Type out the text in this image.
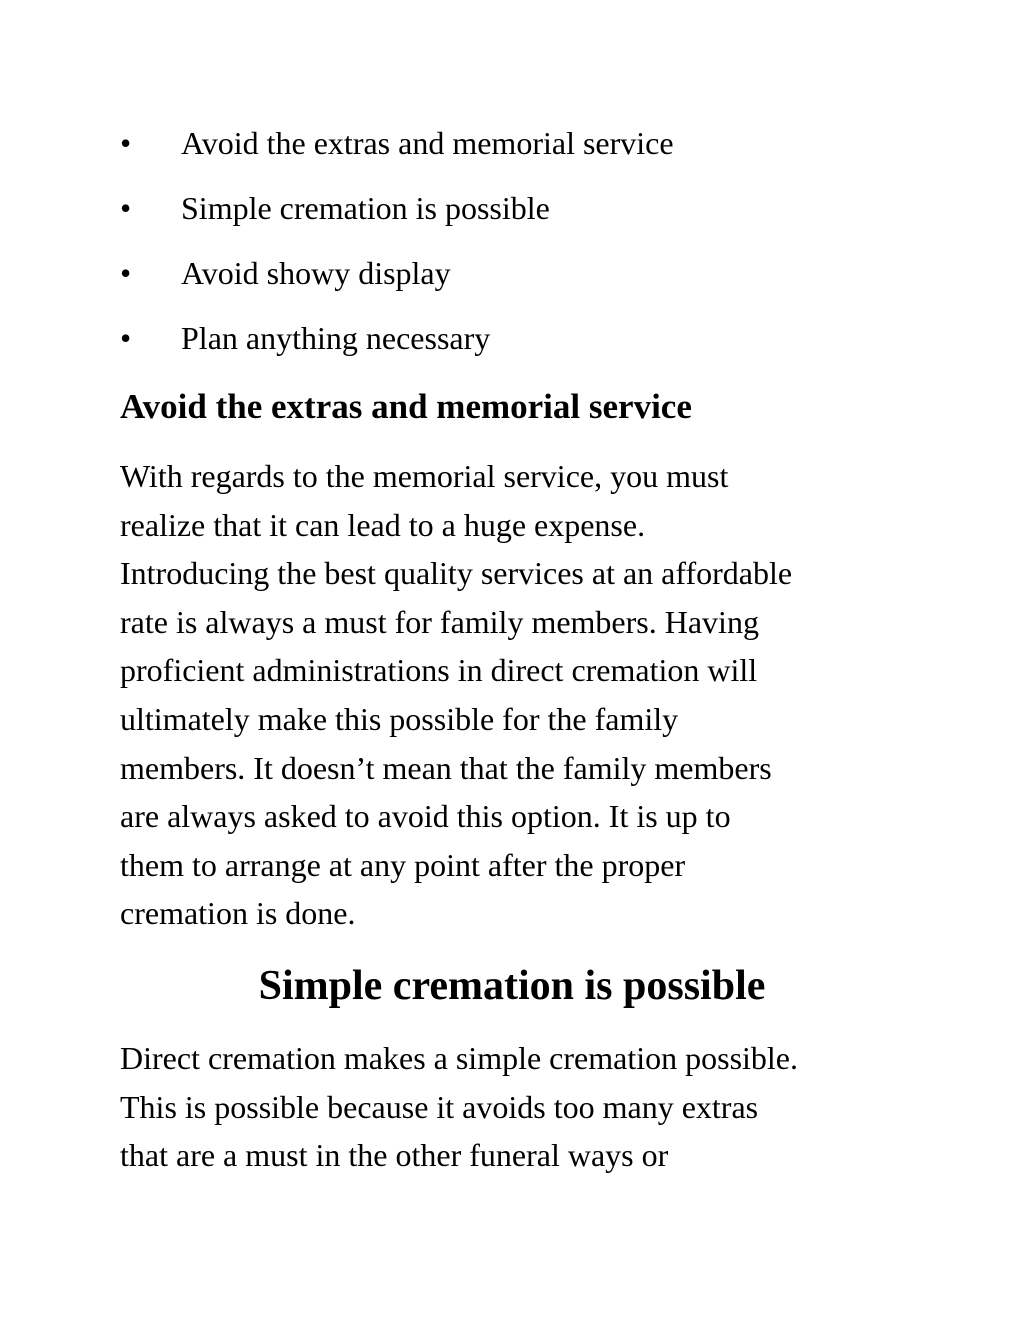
• Avoid the extras and memorial service
• Simple cremation is possible
• Avoid showy display
• Plan anything necessary
Avoid the extras and memorial service

With regards to the memorial service, you must
realize that it can lead to a huge expense.
Introducing the best quality services at an affordable
rate is always a must for family members. Having
proficient administrations in direct cremation will
ultimately make this possible for the family
members. It doesn’t mean that the family members
are always asked to avoid this option. It is up to
them to arrange at any point after the proper
cremation is done.

Simple cremation is possible

Direct cremation makes a simple cremation possible.
This is possible because it avoids too many extras
that are a must in the other funeral ways or
